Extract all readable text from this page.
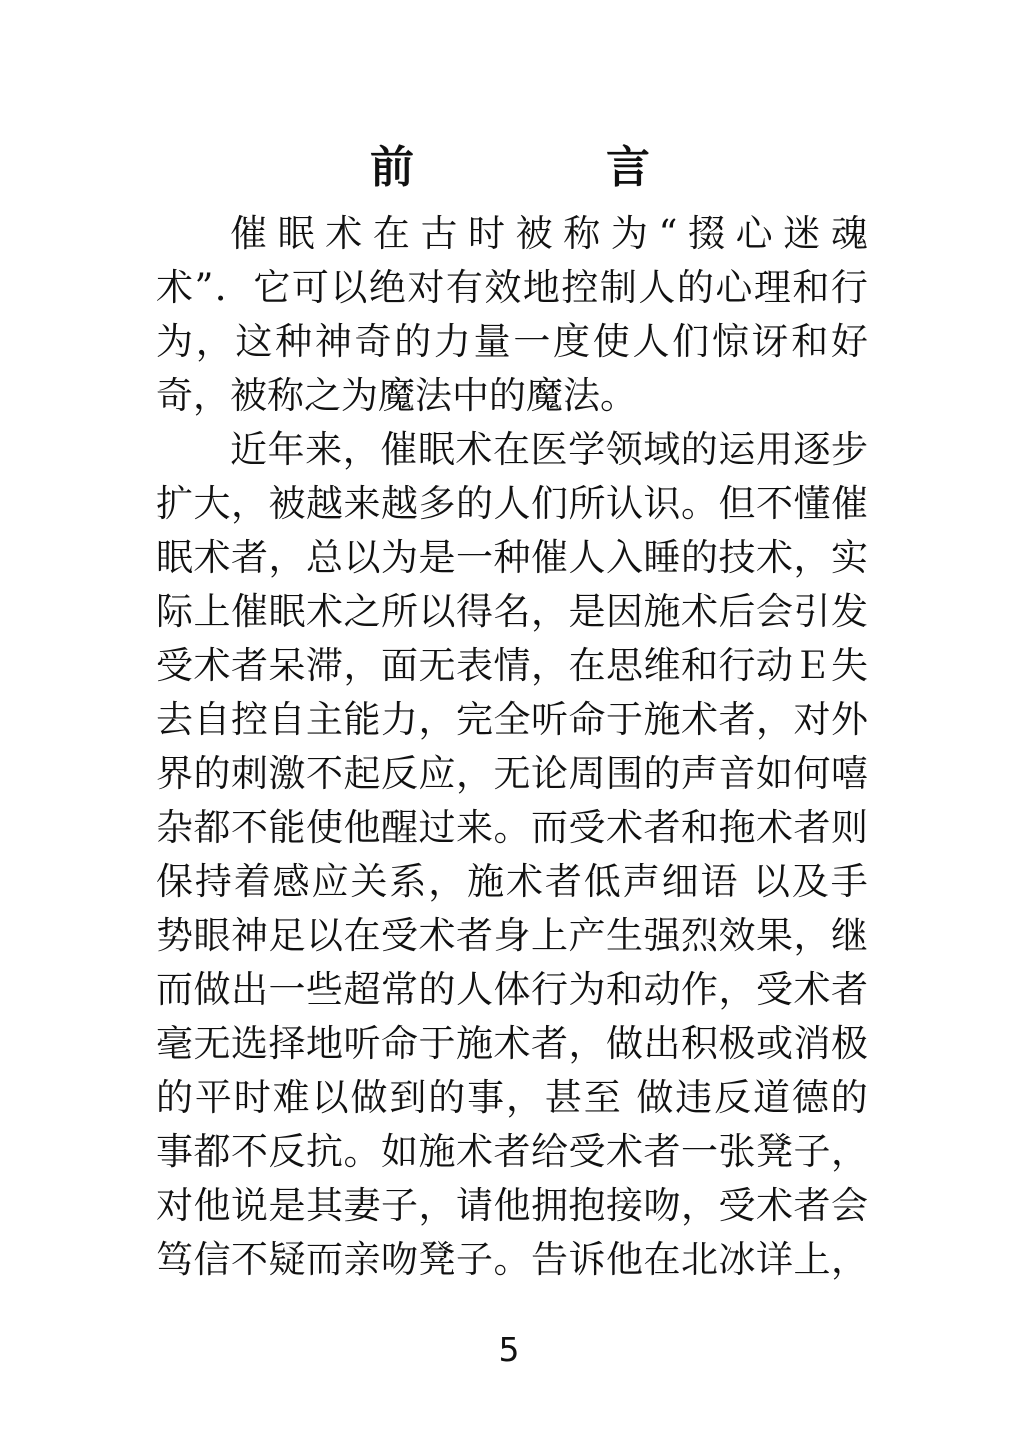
前	言
催 眠 术 在 古 时 被 称 为 “ 掇 心 迷 魂
术 ” ． 它 可 以 绝 对 有 效 地 控 制 人 的 心 理 和 行
为 ， 这 种 神 奇 的 力 量 一 度 使 人 们 惊 讶 和 好
奇，被称之为魔法中的魔法。
近 年 来 ， 催 眠 术 在 医 学 领 域 的 运 用 逐 步
扩 大 ， 被 越 来 越 多 的 人 们 所 认 识 。 但 不 懂 催
眠 术 者 ， 总 以 为 是 一 种 催 人 入 睡 的 技 术 ， 实
际 上 催 眠 术 之 所 以 得 名 ， 是 因 施 术 后 会 引 发
受 术 者 呆 滞 ， 面 无 表 情 ， 在 思 维 和 行 动 Ｅ 失
去 自 控 自 主 能 力 ， 完 全 听 命 于 施 术 者 ， 对 外
界 的 刺 激 不 起 反 应 ， 无 论 周 围 的 声 音 如 何 嘻
杂 都 不 能 使 他 醒 过 来 。 而 受 术 者 和 拖 术 者 则
保 持 着 感 应 关 系 ， 施 术 者 低 声 细 语
以 及 手
势 眼 神 足 以 在 受 术 者 身 上 产 生 强 烈 效 果 ， 继
而 做 出 一 些 超 常 的 人 体 行 为 和 动 作 ， 受 术 者
毫 无 选 择 地 听 命 于 施 术 者 ， 做 出 积 极 或 消 极
的 平 时 难 以 做 到 的 事 ， 甚 至
做 违 反 道 德 的
事 都 不 反 抗 。 如 施 术 者 给 受 术 者 一 张 凳 子 ，
对 他 说 是 其 妻 子 ， 请 他 拥 抱 接 吻 ， 受 术 者 会
笃 信 不 疑 而 亲 吻 凳 子 。 告 诉 他 在 北 冰 详 上 ，
5
